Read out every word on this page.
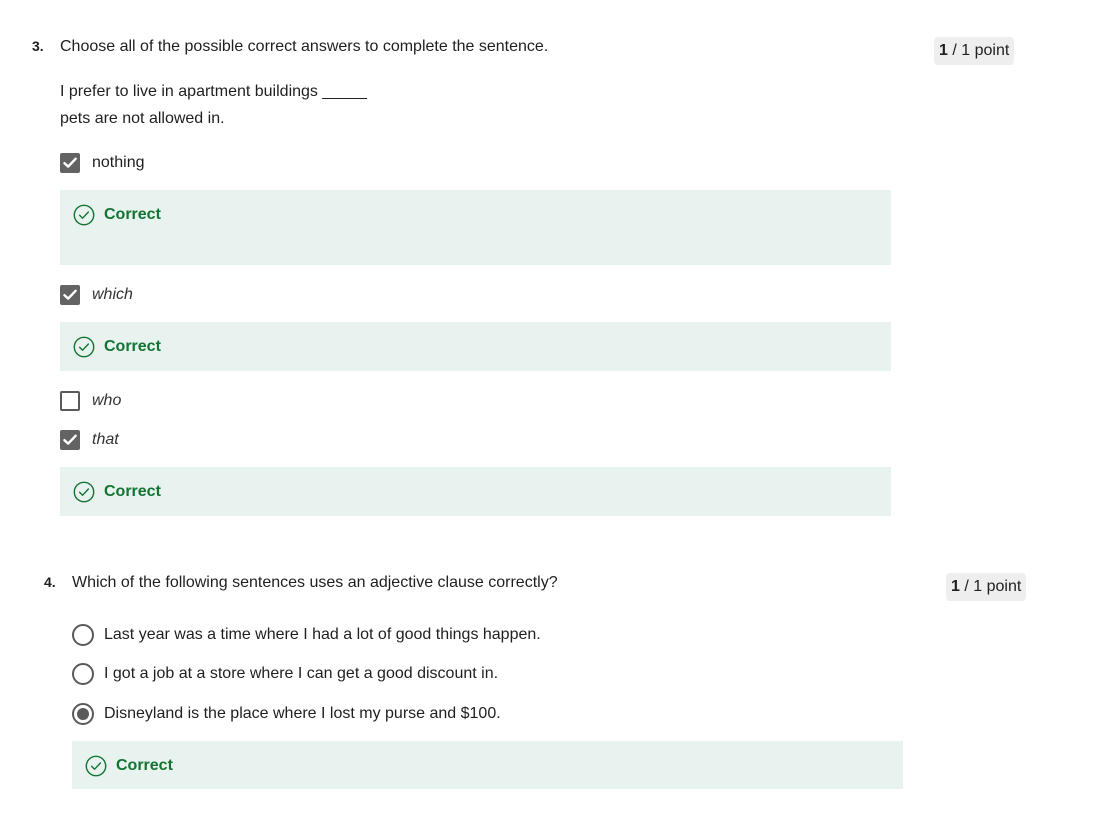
3. Choose all of the possible correct answers to complete the sentence.	1 / 1 point
I prefer to live in apartment buildings _____
pets are not allowed in.
nothing
Correct
which
Correct
who
that
Correct
4. Which of the following sentences uses an adjective clause correctly?	1 / 1 point
Last year was a time where I had a lot of good things happen.
I got a job at a store where I can get a good discount in.
Disneyland is the place where I lost my purse and $100.
Correct
